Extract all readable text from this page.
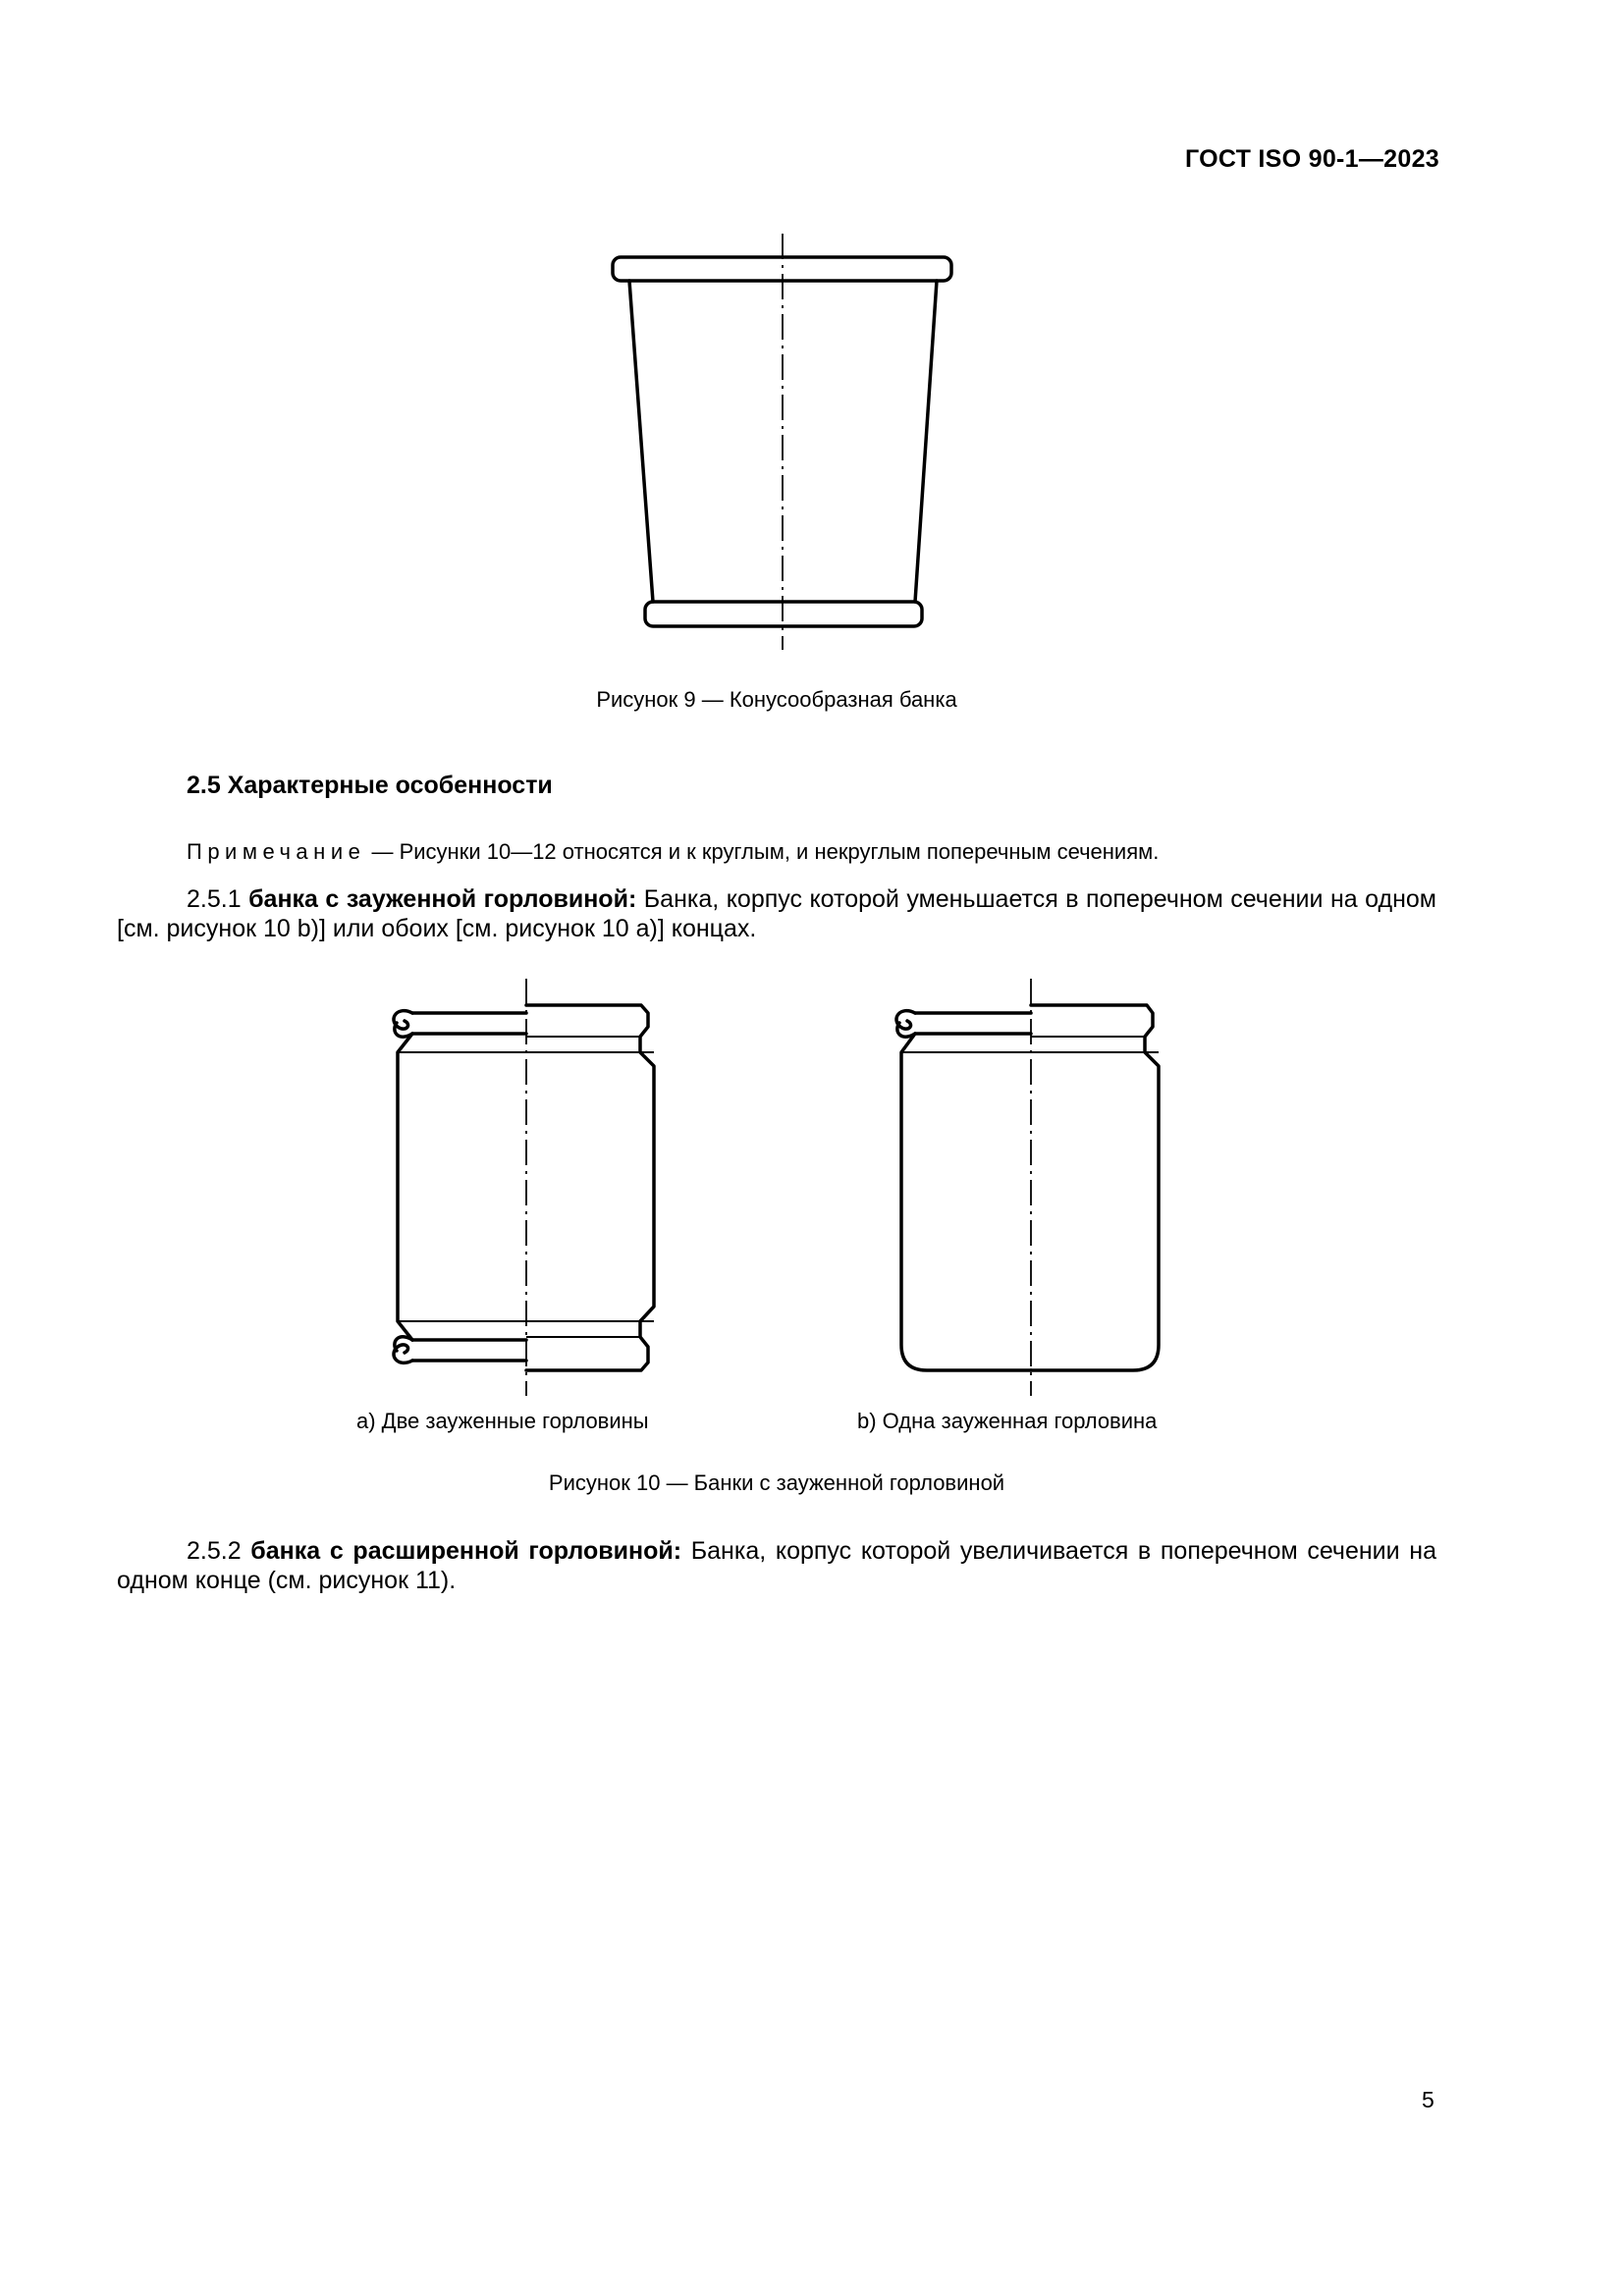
ГОСТ ISO 90-1—2023
Рисунок 9 — Конусообразная банка
2.5 Характерные особенности
Примечание — Рисунки 10—12 относятся и к круглым, и некруглым поперечным сечениям.

2.5.1 банка с зауженной горловиной: Банка, корпус которой уменьшается в поперечном сечении на одном [см. рисунок 10 b)] или обоих [см. рисунок 10 a)] концах.

a) Две зауженные горловины	b) Одна зауженная горловина
Рисунок 10 — Банки с зауженной горловиной

2.5.2 банка с расширенной горловиной: Банка, корпус которой увеличивается в поперечном сечении на одном конце (см. рисунок 11).

5
